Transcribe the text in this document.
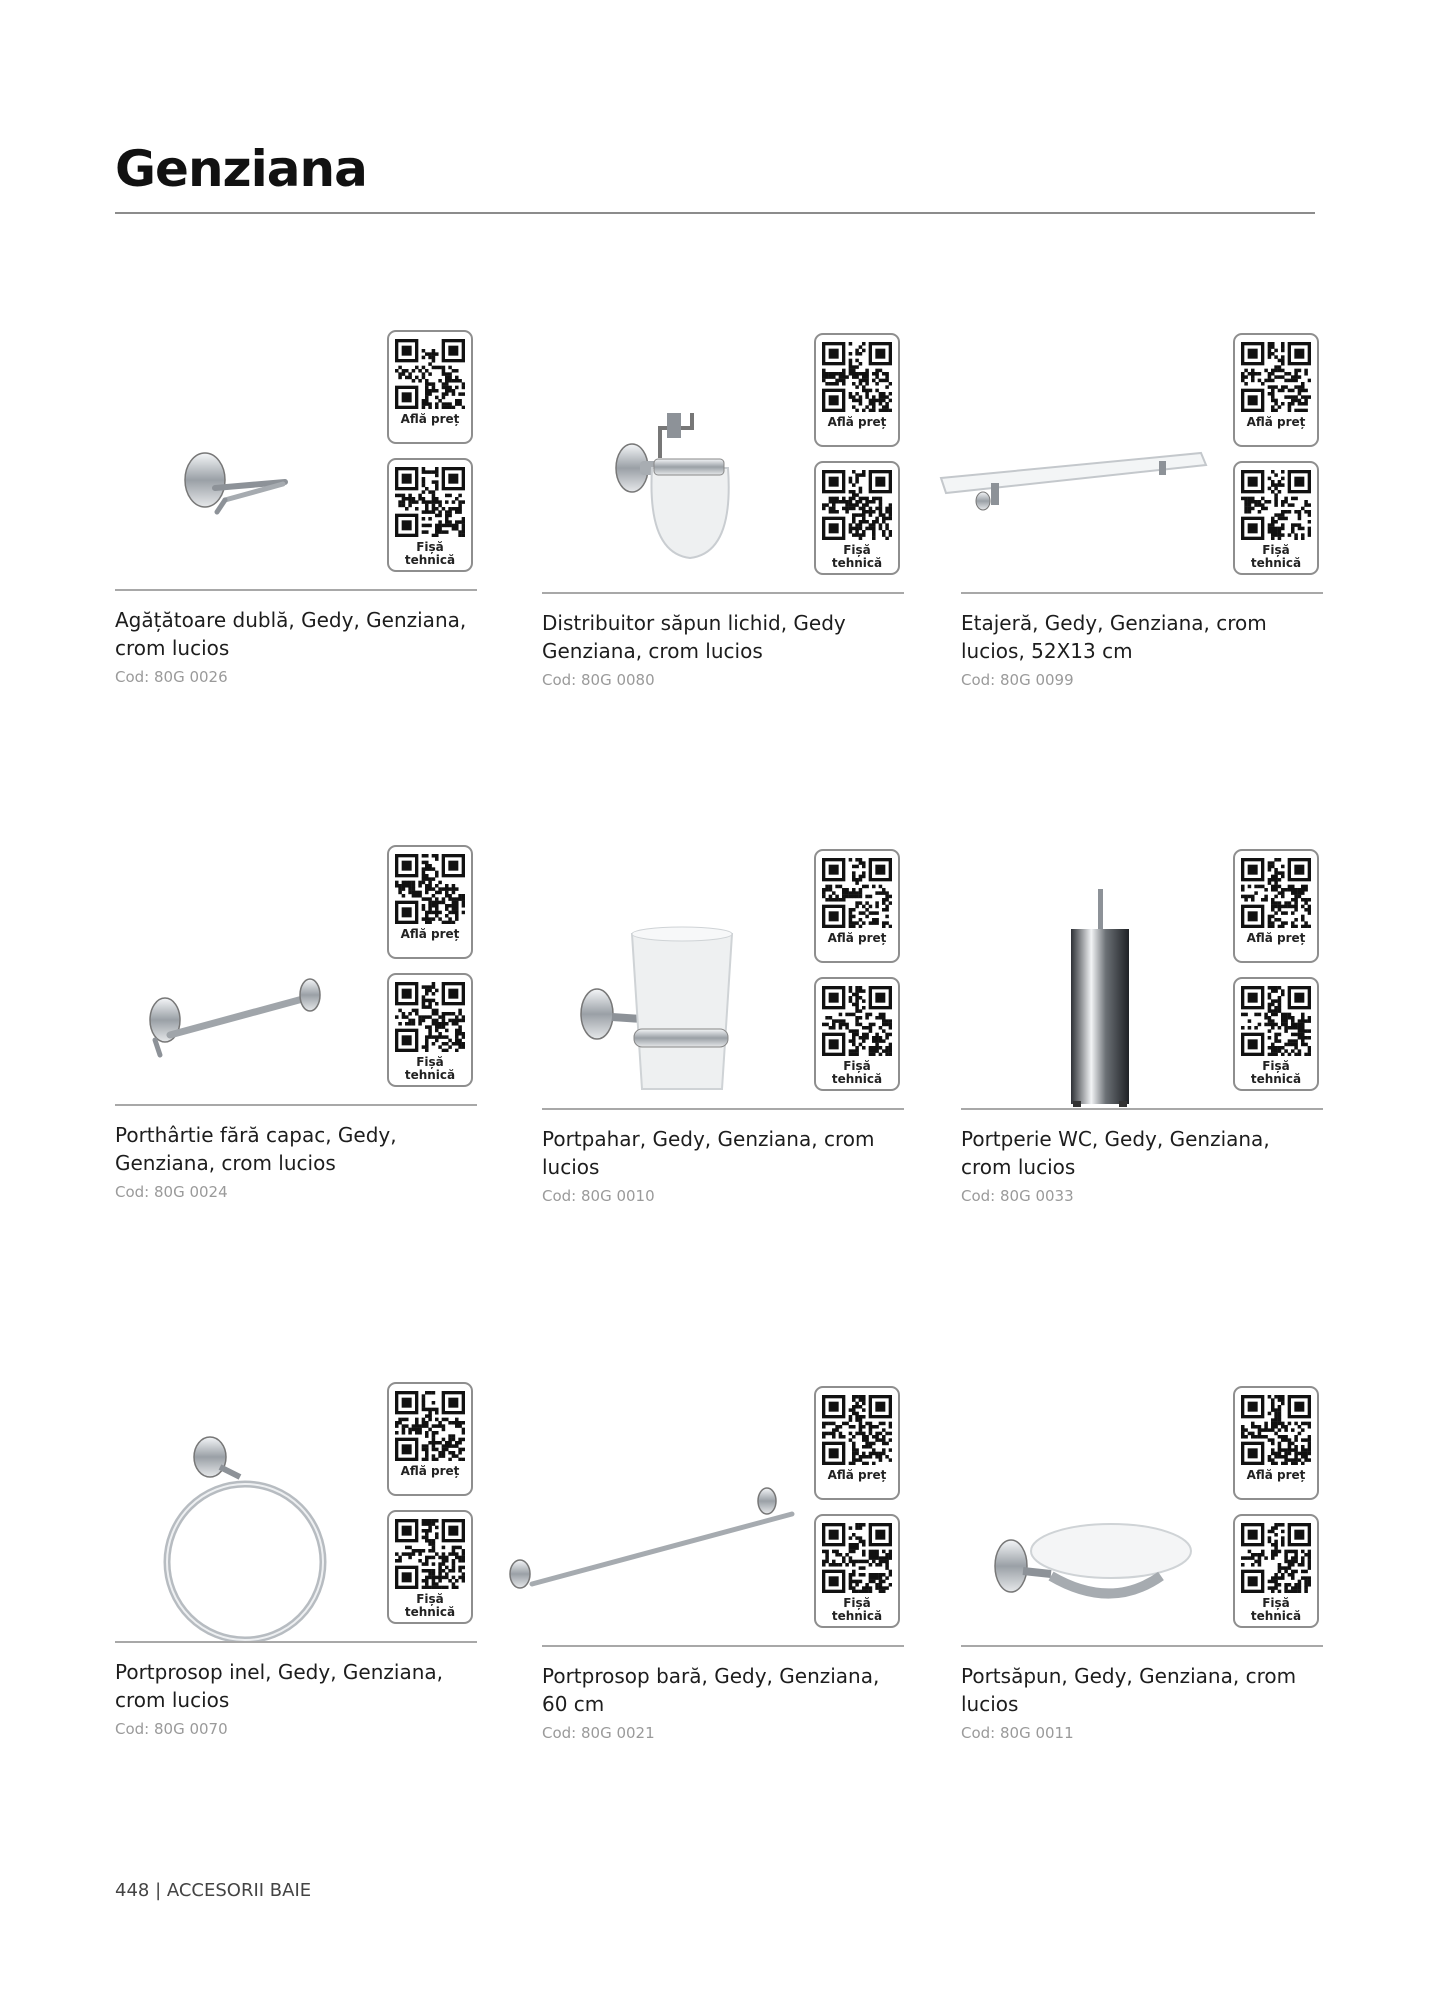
Genziana
Află preț
Fișă tehnică
Agățătoare dublă, Gedy, Genziana, crom lucios
Cod: 80G 0026
Află preț
Fișă tehnică
Distribuitor săpun lichid, Gedy Genziana, crom lucios
Cod: 80G 0080
Află preț
Fișă tehnică
Etajeră, Gedy, Genziana, crom lucios, 52X13 cm
Cod: 80G 0099
Află preț
Fișă tehnică
Porthârtie fără capac, Gedy, Genziana, crom lucios
Cod: 80G 0024
Află preț
Fișă tehnică
Portpahar, Gedy, Genziana, crom lucios
Cod: 80G 0010
Află preț
Fișă tehnică
Portperie WC, Gedy, Genziana, crom lucios
Cod: 80G 0033
Află preț
Fișă tehnică
Portprosop inel, Gedy, Genziana, crom lucios
Cod: 80G 0070
Află preț
Fișă tehnică
Portprosop bară, Gedy, Genziana, 60 cm
Cod: 80G 0021
Află preț
Fișă tehnică
Portsăpun, Gedy, Genziana, crom lucios
Cod: 80G 0011
448 | ACCESORII BAIE
